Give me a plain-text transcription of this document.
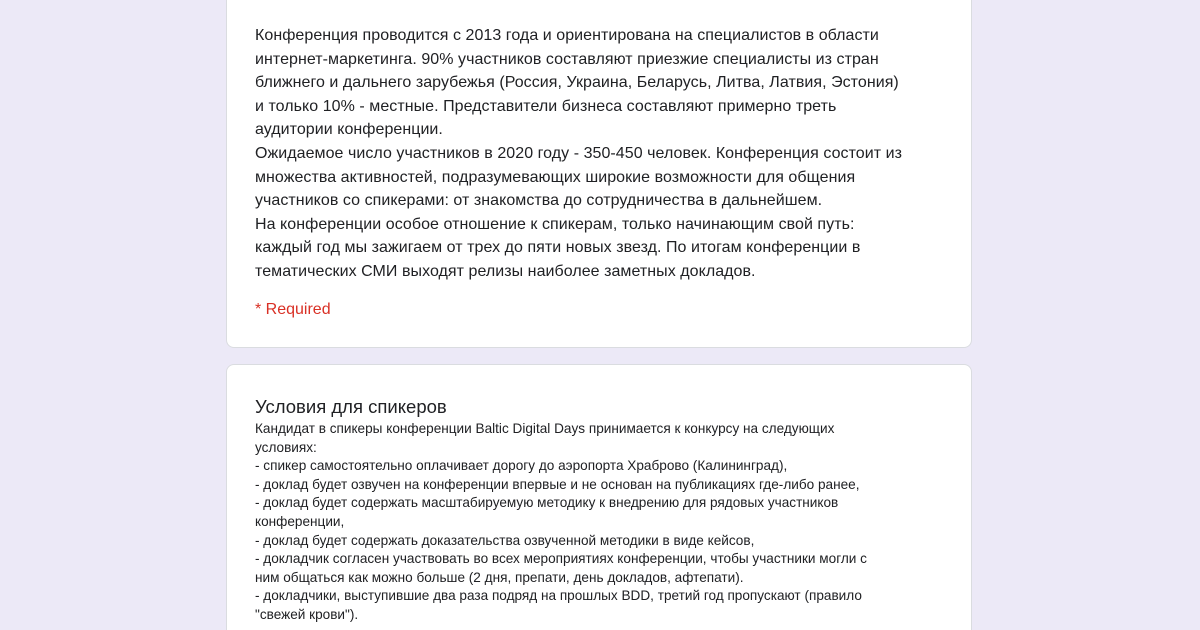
Конференция проводится с 2013 года и ориентирована на специалистов в области

интернет-маркетинга. 90% участников составляют приезжие специалисты из стран

ближнего и дальнего зарубежья (Россия, Украина, Беларусь, Литва, Латвия, Эстония)

и только 10% - местные. Представители бизнеса составляют примерно треть

аудитории конференции.

Ожидаемое число участников в 2020 году - 350-450 человек. Конференция состоит из

множества активностей, подразумевающих широкие возможности для общения

участников со спикерами: от знакомства до сотрудничества в дальнейшем.

На конференции особое отношение к спикерам, только начинающим свой путь:

каждый год мы зажигаем от трех до пяти новых звезд. По итогам конференции в

тематических СМИ выходят релизы наиболее заметных докладов.

* Required
Условия для спикеров
Кандидат в спикеры конференции Baltic Digital Days принимается к конкурсу на следующих
условиях:
- спикер самостоятельно оплачивает дорогу до аэропорта Храброво (Калининград),
- доклад будет озвучен на конференции впервые и не основан на публикациях где-либо ранее,
- доклад будет содержать масштабируемую методику к внедрению для рядовых участников
конференции,
- доклад будет содержать доказательства озвученной методики в виде кейсов,
- докладчик согласен участвовать во всех мероприятиях конференции, чтобы участники могли с
ним общаться как можно больше (2 дня, препати, день докладов, афтепати).
- докладчики, выступившие два раза подряд на прошлых BDD, третий год пропускают (правило
"свежей крови").
